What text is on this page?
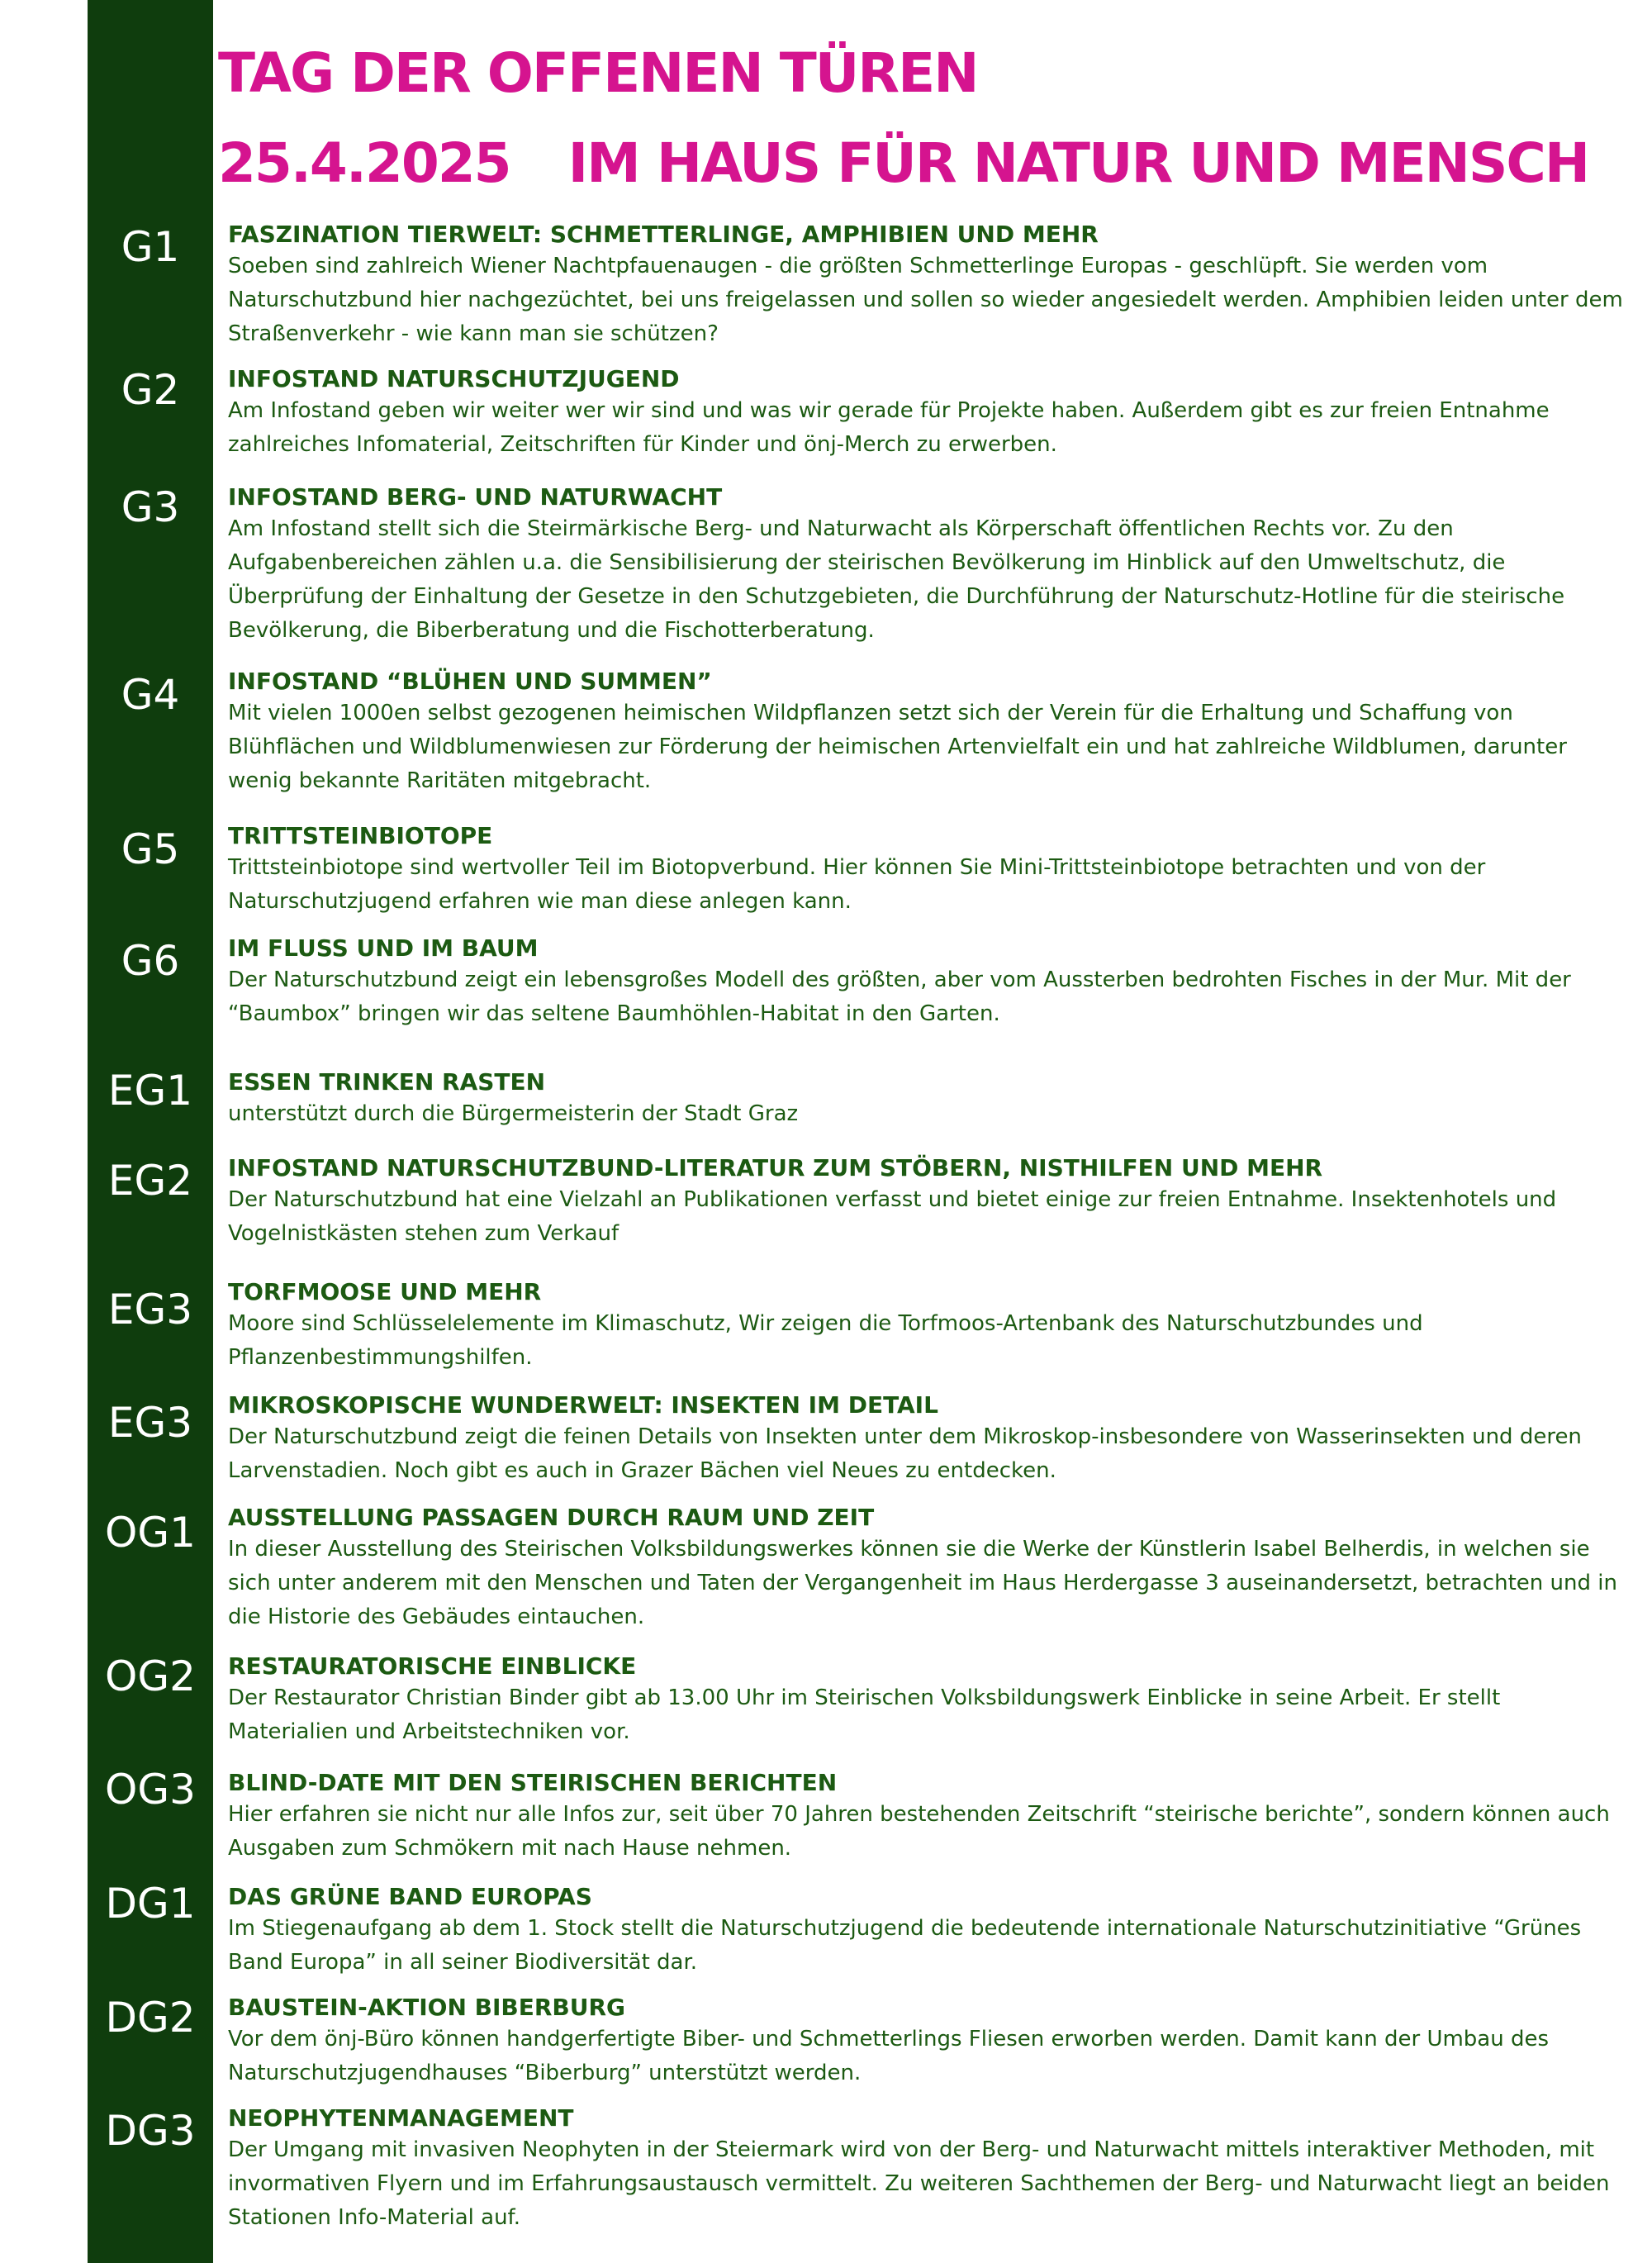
TAG DER OFFENEN TÜREN
25.4.2025 IM HAUS FÜR NATUR UND MENSCH
G1	FASZINATION TIERWELT: SCHMETTERLINGE, AMPHIBIEN UND MEHR

Soeben sind zahlreich Wiener Nachtpfauenaugen - die größten Schmetterlinge Europas - geschlüpft. Sie werden vom Naturschutzbund hier nachgezüchtet, bei uns freigelassen und sollen so wieder angesiedelt werden. Amphibien leiden unter dem Straßenverkehr - wie kann man sie schützen?

G2	INFOSTAND NATURSCHUTZJUGEND

Am Infostand geben wir weiter wer wir sind und was wir gerade für Projekte haben. Außerdem gibt es zur freien Entnahme zahlreiches Infomaterial, Zeitschriften für Kinder und önj-Merch zu erwerben.

G3	INFOSTAND BERG- UND NATURWACHT

Am Infostand stellt sich die Steirmärkische Berg- und Naturwacht als Körperschaft öffentlichen Rechts vor. Zu den Aufgabenbereichen zählen u.a. die Sensibilisierung der steirischen Bevölkerung im Hinblick auf den Umweltschutz, die Überprüfung der Einhaltung der Gesetze in den Schutzgebieten, die Durchführung der Naturschutz-Hotline für die steirische Bevölkerung, die Biberberatung und die Fischotterberatung.

G4	INFOSTAND “BLÜHEN UND SUMMEN”

Mit vielen 1000en selbst gezogenen heimischen Wildpflanzen setzt sich der Verein für die Erhaltung und Schaffung von Blühflächen und Wildblumenwiesen zur Förderung der heimischen Artenvielfalt ein und hat zahlreiche Wildblumen, darunter wenig bekannte Raritäten mitgebracht.

G5	TRITTSTEINBIOTOPE

Trittsteinbiotope sind wertvoller Teil im Biotopverbund. Hier können Sie Mini-Trittsteinbiotope betrachten und von der Naturschutzjugend erfahren wie man diese anlegen kann.

G6	IM FLUSS UND IM BAUM

Der Naturschutzbund zeigt ein lebensgroßes Modell des größten, aber vom Aussterben bedrohten Fisches in der Mur. Mit der “Baumbox” bringen wir das seltene Baumhöhlen-Habitat in den Garten.

EG1	ESSEN TRINKEN RASTEN

unterstützt durch die Bürgermeisterin der Stadt Graz

EG2	INFOSTAND NATURSCHUTZBUND-LITERATUR ZUM STÖBERN, NISTHILFEN UND MEHR

Der Naturschutzbund hat eine Vielzahl an Publikationen verfasst und bietet einige zur freien Entnahme. Insektenhotels und Vogelnistkästen stehen zum Verkauf

EG3	TORFMOOSE UND MEHR

Moore sind Schlüsselelemente im Klimaschutz, Wir zeigen die Torfmoos-Artenbank des Naturschutzbundes und Pflanzenbestimmungshilfen.

EG3	MIKROSKOPISCHE WUNDERWELT: INSEKTEN IM DETAIL

Der Naturschutzbund zeigt die feinen Details von Insekten unter dem Mikroskop-insbesondere von Wasserinsekten und deren Larvenstadien. Noch gibt es auch in Grazer Bächen viel Neues zu entdecken.

OG1	AUSSTELLUNG PASSAGEN DURCH RAUM UND ZEIT

In dieser Ausstellung des Steirischen Volksbildungswerkes können sie die Werke der Künstlerin Isabel Belherdis, in welchen sie sich unter anderem mit den Menschen und Taten der Vergangenheit im Haus Herdergasse 3 auseinandersetzt, betrachten und in die Historie des Gebäudes eintauchen.

OG2	RESTAURATORISCHE EINBLICKE

Der Restaurator Christian Binder gibt ab 13.00 Uhr im Steirischen Volksbildungswerk Einblicke in seine Arbeit. Er stellt Materialien und Arbeitstechniken vor.

OG3	BLIND-DATE MIT DEN STEIRISCHEN BERICHTEN

Hier erfahren sie nicht nur alle Infos zur, seit über 70 Jahren bestehenden Zeitschrift “steirische berichte”, sondern können auch Ausgaben zum Schmökern mit nach Hause nehmen.

DG1	DAS GRÜNE BAND EUROPAS

Im Stiegenaufgang ab dem 1. Stock stellt die Naturschutzjugend die bedeutende internationale Naturschutzinitiative “Grünes Band Europa” in all seiner Biodiversität dar.

DG2	BAUSTEIN-AKTION BIBERBURG

Vor dem önj-Büro können handgerfertigte Biber- und Schmetterlings Fliesen erworben werden. Damit kann der Umbau des Naturschutzjugendhauses “Biberburg” unterstützt werden.

DG3	NEOPHYTENMANAGEMENT

Der Umgang mit invasiven Neophyten in der Steiermark wird von der Berg- und Naturwacht mittels interaktiver Methoden, mit invormativen Flyern und im Erfahrungsaustausch vermittelt. Zu weiteren Sachthemen der Berg- und Naturwacht liegt an beiden Stationen Info-Material auf.
